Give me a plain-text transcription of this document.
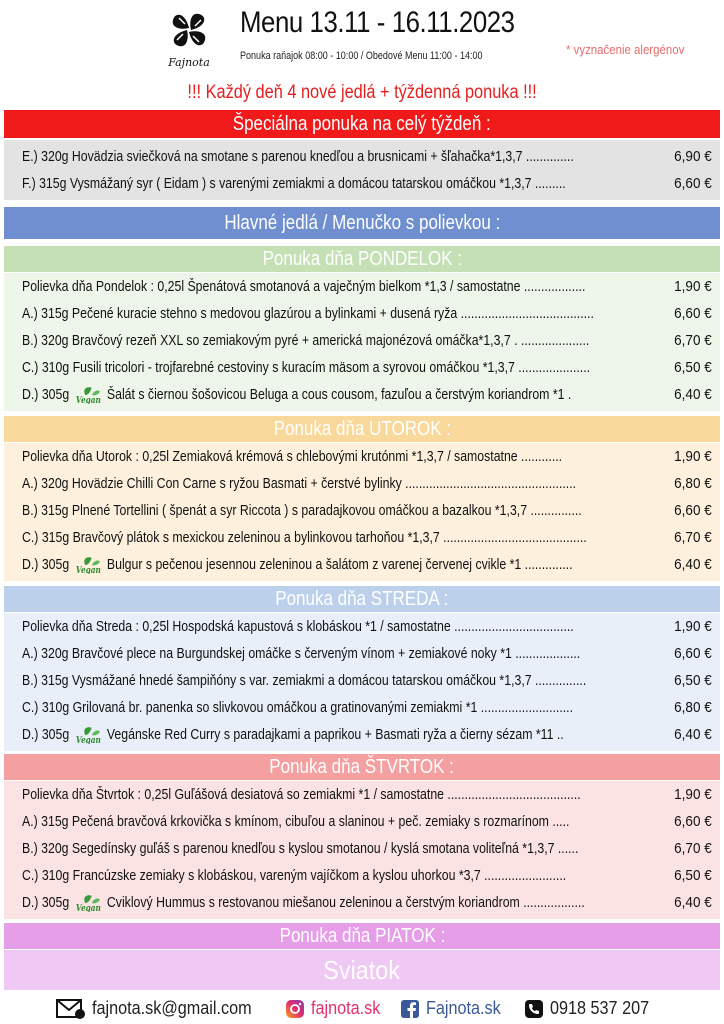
Fajnota
Menu 13.11 - 16.11.2023
Ponuka raňajok 08:00 - 10:00 / Obedové Menu 11:00 - 14:00	* vyznačenie alergénov
!!! Každý deň 4 nové jedlá + týždenná ponuka !!!
Špeciálna ponuka na celý týždeň :
E.) 320g Hovädzia sviečková na smotane s parenou knedľou a brusnicami + šľahačka*1,3,7 ..............	6,90 €
F.) 315g Vysmážaný syr ( Eidam ) s varenými zemiakmi a domácou tatarskou omáčkou *1,3,7 .........	6,60 €
Hlavné jedlá / Menučko s polievkou :
Ponuka dňa PONDELOK :
Polievka dňa Pondelok : 0,25l Špenátová smotanová a vaječným bielkom *1,3 / samostatne ..................	1,90 €
A.) 315g Pečené kuracie stehno s medovou glazúrou a bylinkami + dusená ryža .......................................	6,60 €
B.) 320g Bravčový rezeň XXL so zemiakovým pyré + americká majonézová omáčka*1,3,7 . ....................	6,70 €
C.) 310g Fusili tricolori - trojfarebné cestoviny s kuracím mäsom a syrovou omáčkou *1,3,7 .....................	6,50 €
D.) 305g Vegan Šalát s čiernou šošovicou Beluga a cous cousom, fazuľou a čerstvým koriandrom *1 .	6,40 €
Ponuka dňa UTOROK :
Polievka dňa Utorok : 0,25l Zemiaková krémová s chlebovými krutónmi *1,3,7 / samostatne ............	1,90 €
A.) 320g Hovädzie Chilli Con Carne s ryžou Basmati + čerstvé bylinky ..................................................	6,80 €
B.) 315g Plnené Tortellini ( špenát a syr Riccota ) s paradajkovou omáčkou a bazalkou *1,3,7 ...............	6,60 €
C.) 315g Bravčový plátok s mexickou zeleninou a bylinkovou tarhoňou *1,3,7 ..........................................	6,70 €
D.) 305g Vegan Bulgur s pečenou jesennou zeleninou a šalátom z varenej červenej cvikle *1 ..............	6,40 €
Ponuka dňa STREDA :
Polievka dňa Streda : 0,25l Hospodská kapustová s klobáskou *1 / samostatne ...................................	1,90 €
A.) 320g Bravčové plece na Burgundskej omáčke s červeným vínom + zemiakové noky *1 ...................	6,60 €
B.) 315g Vysmážané hnedé šampiňóny s var. zemiakmi a domácou tatarskou omáčkou *1,3,7 ...............	6,50 €
C.) 310g Grilovaná br. panenka so slivkovou omáčkou a gratinovanými zemiakmi *1 ...........................	6,80 €
D.) 305g Vegan Vegánske Red Curry s paradajkami a paprikou + Basmati ryža a čierny sézam *11 ..	6,40 €
Ponuka dňa ŠTVRTOK :
Polievka dňa Štvrtok : 0,25l Guľášová desiatová so zemiakmi *1 / samostatne .......................................	1,90 €
A.) 315g Pečená bravčová krkovička s kmínom, cibuľou a slaninou + peč. zemiaky s rozmarínom .....	6,60 €
B.) 320g Segedínsky guľáš s parenou knedľou s kyslou smotanou / kyslá smotana voliteľná *1,3,7 ......	6,70 €
C.) 310g Francúzske zemiaky s klobáskou, vareným vajíčkom a kyslou uhorkou *3,7 ........................	6,50 €
D.) 305g Vegan Cviklový Hummus s restovanou miešanou zeleninou a čerstvým koriandrom ..................	6,40 €
Ponuka dňa PIATOK :
Sviatok
fajnota.sk@gmail.com	fajnota.sk	Fajnota.sk	0918 537 207
